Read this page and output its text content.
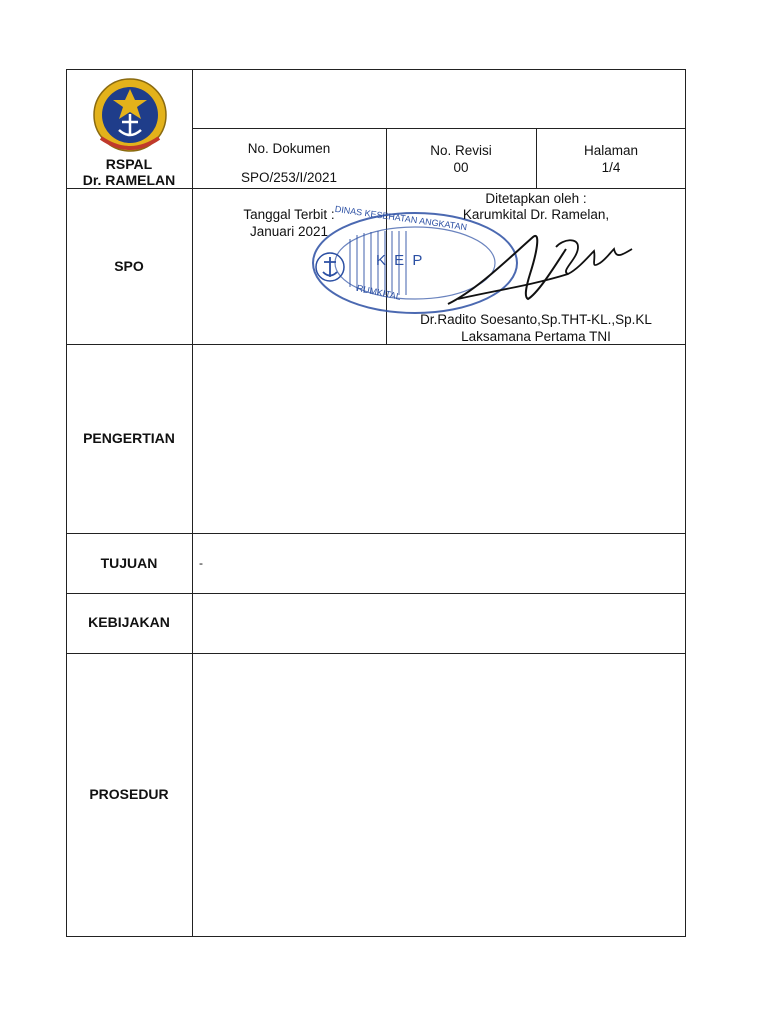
RSPAL
Dr. RAMELAN
No. Dokumen
SPO/253/I/2021
No. Revisi
00
Halaman
1/4
SPO
Tanggal Terbit :
Januari 2021 DINAS KESEHATAN ANGKATAN
K E P
RUMKITAL
Ditetapkan oleh :
Karumkital Dr. Ramelan,
Dr.Radito Soesanto,Sp.THT-KL.,Sp.KL
Laksamana Pertama TNI
PENGERTIAN
TUJUAN	-
KEBIJAKAN
PROSEDUR
